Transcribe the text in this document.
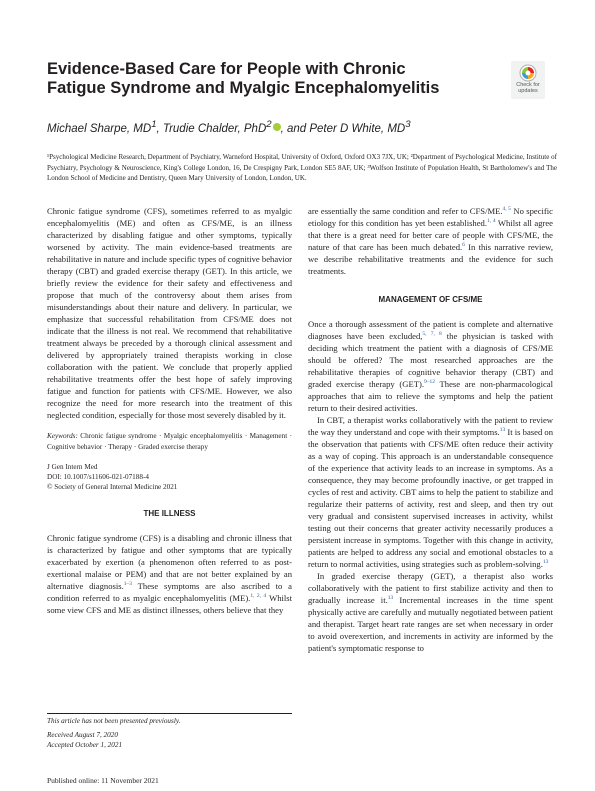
Evidence-Based Care for People with Chronic Fatigue Syndrome and Myalgic Encephalomyelitis	Check for
updates
Michael Sharpe, $MD^1$, Trudie Chalder, PhD$^2$ , and Peter D White, $MD^3$
¹Psychological Medicine Research, Department of Psychiatry, Warneford Hospital, University of Oxford, Oxford OX3 7JX, UK; ²Department of Psychological Medicine, Institute of Psychiatry, Psychology & Neuroscience, King's College London, 16, De Crespigny Park, London SE5 8AF, UK; ³Wolfson Institute of Population Health, St Bartholomew's and The London School of Medicine and Dentistry, Queen Mary University of London, London, UK.

Chronic fatigue syndrome (CFS), sometimes referred to as myalgic encephalomyelitis (ME) and often as CFS/ME, is an illness characterized by disabling fatigue and other symptoms, typically worsened by activity. The main evidence-based treatments are rehabilitative in nature and include specific types of cognitive behavior therapy (CBT) and graded exercise therapy (GET). In this article, we briefly review the evidence for their safety and effectiveness and propose that much of the controversy about them arises from misunderstandings about their nature and delivery. In particular, we emphasize that successful rehabilitation from CFS/ME does not indicate that the illness is not real. We recommend that rehabilitative treatment always be preceded by a thorough clinical assessment and delivered by appropriately trained therapists working in close collaboration with the patient. We conclude that properly applied rehabilitative treatments offer the best hope of safely improving fatigue and function for patients with CFS/ME. However, we also recognize the need for more research into the treatment of this neglected condition, especially for those most severely disabled by it.

Keywords: Chronic fatigue syndrome · Myalgic encephalomyelitis · Management · Cognitive behavior · Therapy · Graded exercise therapy

J Gen Intern Med
DOI: 10.1007/s11606-021-07188-4
© Society of General Internal Medicine 2021
THE ILLNESS

Chronic fatigue syndrome (CFS) is a disabling and chronic illness that is characterized by fatigue and other symptoms that are typically exacerbated by exertion (a phenomenon often referred to as post-exertional malaise or PEM) and that are not better explained by an alternative diagnosis.$^{1-3}$ These symptoms are also ascribed to a condition referred to as myalgic encephalomyelitis (ME).$^{1, 2, 4}$ Whilst some view CFS and ME as distinct illnesses, others believe that they

This article has not been presented previously.
Received August 7, 2020
Accepted October 1, 2021
Published online: 11 November 2021

are essentially the same condition and refer to CFS/ME.$^{4, 5}$ No specific etiology for this condition has yet been established.$^{1, 4}$ Whilst all agree that there is a great need for better care of people with CFS/ME, the nature of that care has been much debated.$^6$ In this narrative review, we describe rehabilitative treatments and the evidence for such treatments.

MANAGEMENT OF CFS/ME

Once a thorough assessment of the patient is complete and alternative diagnoses have been excluded,$^{5, 7, 8}$ the physician is tasked with deciding which treatment the patient with a diagnosis of CFS/ME should be offered? The most researched approaches are the rehabilitative therapies of cognitive behavior therapy (CBT) and graded exercise therapy (GET).$^{9-12}$ These are non-pharmacological approaches that aim to relieve the symptoms and help the patient return to their desired activities.

In CBT, a therapist works collaboratively with the patient to review the way they understand and cope with their symptoms.$^{13}$ It is based on the observation that patients with CFS/ME often reduce their activity as a way of coping. This approach is an understandable consequence of the experience that activity leads to an increase in symptoms. As a consequence, they may become profoundly inactive, or get trapped in cycles of rest and activity. CBT aims to help the patient to stabilize and regularize their patterns of activity, rest and sleep, and then try out very gradual and consistent supervised increases in activity, whilst testing out their concerns that greater activity necessarily produces a persistent increase in symptoms. Together with this change in activity, patients are helped to address any social and emotional obstacles to a return to normal activities, using strategies such as problem-solving.$^{13}$

In graded exercise therapy (GET), a therapist also works collaboratively with the patient to first stabilize activity and then to gradually increase it.$^{13}$ Incremental increases in the time spent physically active are carefully and mutually negotiated between patient and therapist. Target heart rate ranges are set when necessary in order to avoid overexertion, and increments in activity are informed by the patient's symptomatic response to
